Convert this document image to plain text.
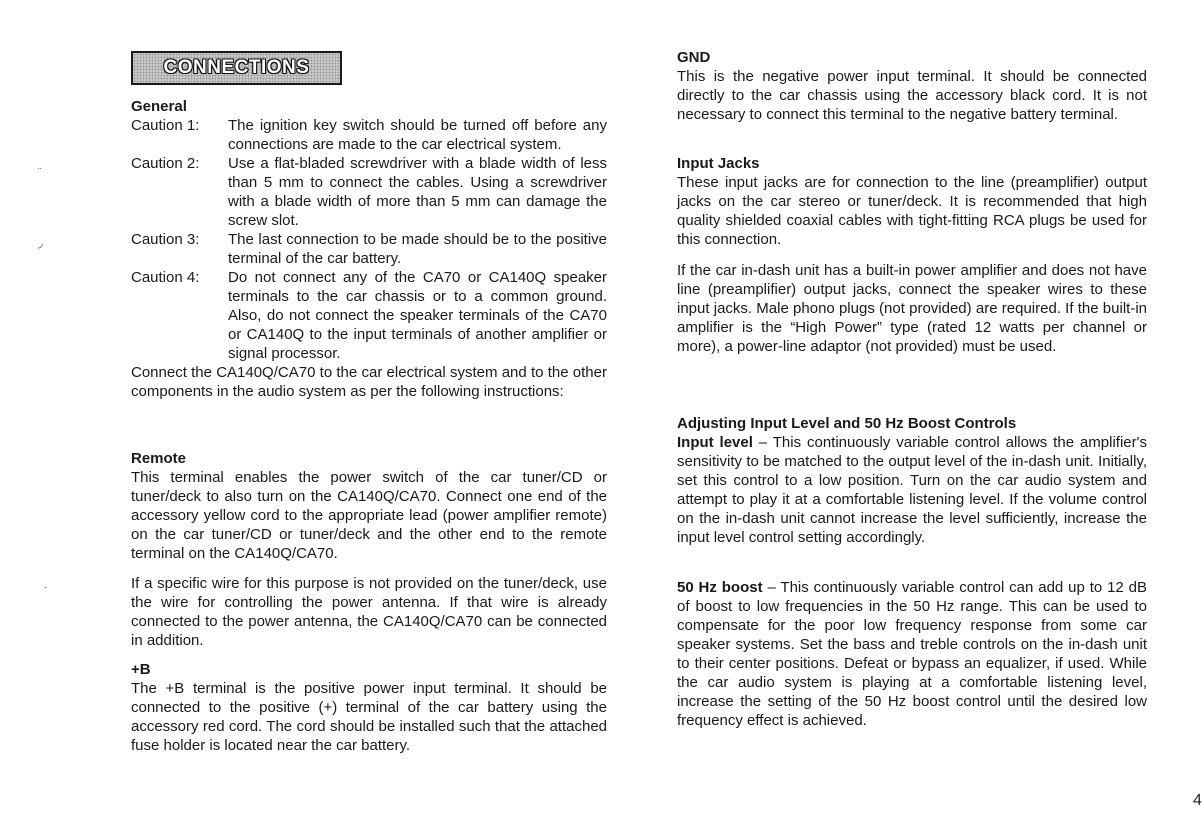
¨
◞
·
CONNECTIONS
General
Caution 1:	The ignition key switch should be turned off before any connections are made to the car electrical system.
Caution 2:	Use a flat-bladed screwdriver with a blade width of less than 5 mm to connect the cables. Using a screwdriver with a blade width of more than 5 mm can damage the screw slot.
Caution 3:	The last connection to be made should be to the positive terminal of the car battery.
Caution 4:	Do not connect any of the CA70 or CA140Q speaker terminals to the car chassis or to a common ground. Also, do not connect the speaker terminals of the CA70 or CA140Q to the input terminals of another amplifier or signal processor.

Connect the CA140Q/CA70 to the car electrical system and to the other components in the audio system as per the following instructions:

Remote

This terminal enables the power switch of the car tuner/CD or tuner/deck to also turn on the CA140Q/CA70. Connect one end of the accessory yellow cord to the appropriate lead (power amplifier remote) on the car tuner/CD or tuner/deck and the other end to the remote terminal on the CA140Q/CA70.

If a specific wire for this purpose is not provided on the tuner/deck, use the wire for controlling the power antenna. If that wire is already connected to the power antenna, the CA140Q/CA70 can be connected in addition.

+B

The +B terminal is the positive power input terminal. It should be connected to the positive (+) terminal of the car battery using the accessory red cord. The cord should be installed such that the attached fuse holder is located near the car battery.

GND

This is the negative power input terminal. It should be connected directly to the car chassis using the accessory black cord. It is not necessary to connect this terminal to the negative battery terminal.

Input Jacks

These input jacks are for connection to the line (preamplifier) output jacks on the car stereo or tuner/deck. It is recommended that high quality shielded coaxial cables with tight-fitting RCA plugs be used for this connection.

If the car in-dash unit has a built-in power amplifier and does not have line (preamplifier) output jacks, connect the speaker wires to these input jacks. Male phono plugs (not provided) are required. If the built-in amplifier is the “High Power” type (rated 12 watts per channel or more), a power-line adaptor (not provided) must be used.

Adjusting Input Level and 50 Hz Boost Controls

Input level – This continuously variable control allows the amplifier's sensitivity to be matched to the output level of the in-dash unit. Initially, set this control to a low position. Turn on the car audio system and attempt to play it at a comfortable listening level. If the volume control on the in-dash unit cannot increase the level sufficiently, increase the input level control setting accordingly.

50 Hz boost – This continuously variable control can add up to 12 dB of boost to low frequencies in the 50 Hz range. This can be used to compensate for the poor low frequency response from some car speaker systems. Set the bass and treble controls on the in-dash unit to their center positions. Defeat or bypass an equalizer, if used. While the car audio system is playing at a comfortable listening level, increase the setting of the 50 Hz boost control until the desired low frequency effect is achieved.

4
